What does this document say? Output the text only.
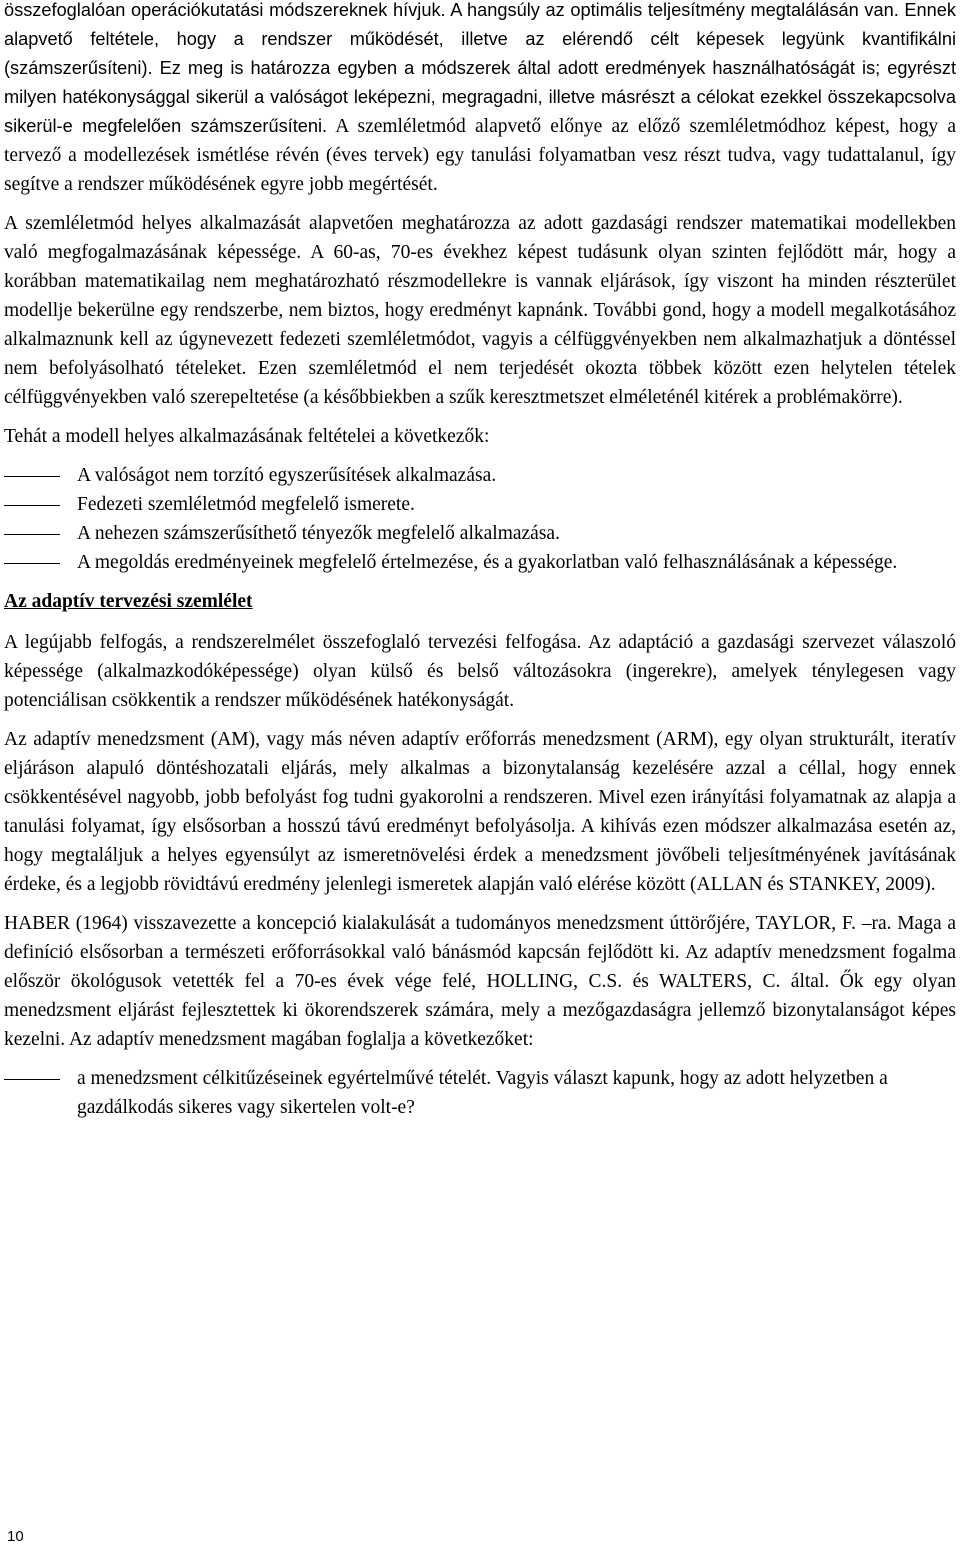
összefoglalóan operációkutatási módszereknek hívjuk. A hangsúly az optimális teljesítmény megtalálásán van. Ennek alapvető feltétele, hogy a rendszer működését, illetve az elérendő célt képesek legyünk kvantifikálni (számszerűsíteni). Ez meg is határozza egyben a módszerek által adott eredmények használhatóságát is; egyrészt milyen hatékonysággal sikerül a valóságot leképezni, megragadni, illetve másrészt a célokat ezekkel összekapcsolva sikerül-e megfelelően számszerűsíteni. A szemléletmód alapvető előnye az előző szemléletmódhoz képest, hogy a tervező a modellezések ismétlése révén (éves tervek) egy tanulási folyamatban vesz részt tudva, vagy tudattalanul, így segítve a rendszer működésének egyre jobb megértését.

A szemléletmód helyes alkalmazását alapvetően meghatározza az adott gazdasági rendszer matematikai modellekben való megfogalmazásának képessége. A 60-as, 70-es évekhez képest tudásunk olyan szinten fejlődött már, hogy a korábban matematikailag nem meghatározható részmodellekre is vannak eljárások, így viszont ha minden részterület modellje bekerülne egy rendszerbe, nem biztos, hogy eredményt kapnánk. További gond, hogy a modell megalkotásához alkalmaznunk kell az úgynevezett fedezeti szemléletmódot, vagyis a célfüggvényekben nem alkalmazhatjuk a döntéssel nem befolyásolható tételeket. Ezen szemléletmód el nem terjedését okozta többek között ezen helytelen tételek célfüggvényekben való szerepeltetése (a későbbiekben a szűk keresztmetszet elméleténél kitérek a problémakörre).

Tehát a modell helyes alkalmazásának feltételei a következők:

A valóságot nem torzító egyszerűsítések alkalmazása.
Fedezeti szemléletmód megfelelő ismerete.
A nehezen számszerűsíthető tényezők megfelelő alkalmazása.
A megoldás eredményeinek megfelelő értelmezése, és a gyakorlatban való felhasználásának a képessége.

Az adaptív tervezési szemlélet

A legújabb felfogás, a rendszerelmélet összefoglaló tervezési felfogása. Az adaptáció a gazdasági szervezet válaszoló képessége (alkalmazkodóképessége) olyan külső és belső változásokra (ingerekre), amelyek ténylegesen vagy potenciálisan csökkentik a rendszer működésének hatékonyságát.

Az adaptív menedzsment (AM), vagy más néven adaptív erőforrás menedzsment (ARM), egy olyan strukturált, iteratív eljáráson alapuló döntéshozatali eljárás, mely alkalmas a bizonytalanság kezelésére azzal a céllal, hogy ennek csökkentésével nagyobb, jobb befolyást fog tudni gyakorolni a rendszeren. Mivel ezen irányítási folyamatnak az alapja a tanulási folyamat, így elsősorban a hosszú távú eredményt befolyásolja. A kihívás ezen módszer alkalmazása esetén az, hogy megtaláljuk a helyes egyensúlyt az ismeretnövelési érdek a menedzsment jövőbeli teljesítményének javításának érdeke, és a legjobb rövidtávú eredmény jelenlegi ismeretek alapján való elérése között (ALLAN és STANKEY, 2009).

HABER (1964) visszavezette a koncepció kialakulását a tudományos menedzsment úttörőjére, TAYLOR, F. –ra. Maga a definíció elsősorban a természeti erőforrásokkal való bánásmód kapcsán fejlődött ki. Az adaptív menedzsment fogalma először ökológusok vetették fel a 70-es évek vége felé, HOLLING, C.S. és WALTERS, C. által. Ők egy olyan menedzsment eljárást fejlesztettek ki ökorendszerek számára, mely a mezőgazdaságra jellemző bizonytalanságot képes kezelni. Az adaptív menedzsment magában foglalja a következőket:

a menedzsment célkitűzéseinek egyértelművé tételét. Vagyis választ kapunk, hogy az adott helyzetben a gazdálkodás sikeres vagy sikertelen volt-e?
10
